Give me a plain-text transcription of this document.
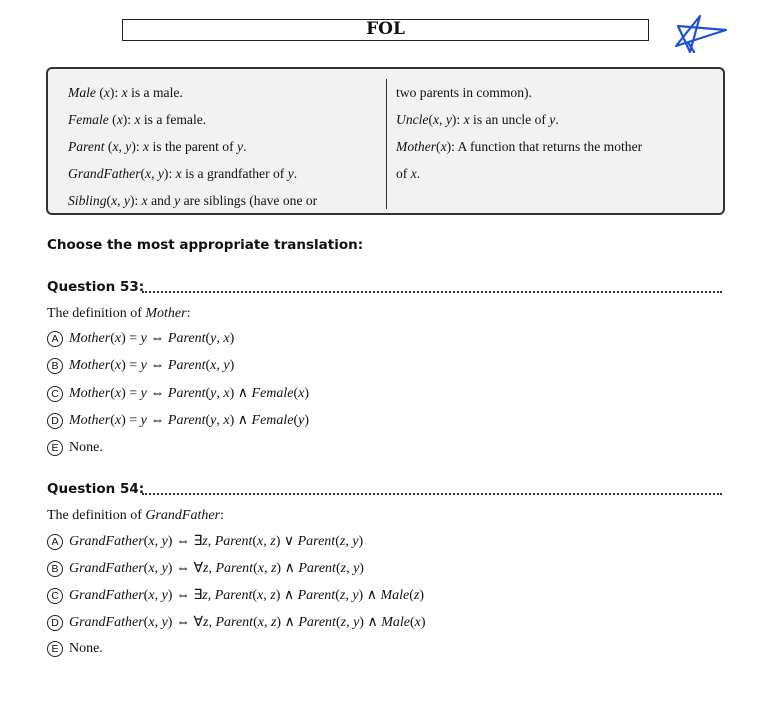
FOL
Male (x): x is a male.
Female (x): x is a female.
Parent (x, y): x is the parent of y.
GrandFather(x, y): x is a grandfather of y.
Sibling(x, y): x and y are siblings (have one or
two parents in common).
Uncle(x, y): x is an uncle of y.
Mother(x): A function that returns the mother
of x.
Choose the most appropriate translation:
Question 53:
The definition of Mother:
A Mother(x) = y ⇔ Parent(y, x)
B Mother(x) = y ⇔ Parent(x, y)
C Mother(x) = y ⇔ Parent(y, x) ∧ Female(x)
D Mother(x) = y ⇔ Parent(y, x) ∧ Female(y)
E None.
Question 54:
The definition of GrandFather:
A GrandFather(x, y) ⇔ ∃z, Parent(x, z) ∨ Parent(z, y)
B GrandFather(x, y) ⇔ ∀z, Parent(x, z) ∧ Parent(z, y)
C GrandFather(x, y) ⇔ ∃z, Parent(x, z) ∧ Parent(z, y) ∧ Male(z)
D GrandFather(x, y) ⇔ ∀z, Parent(x, z) ∧ Parent(z, y) ∧ Male(x)
E None.
